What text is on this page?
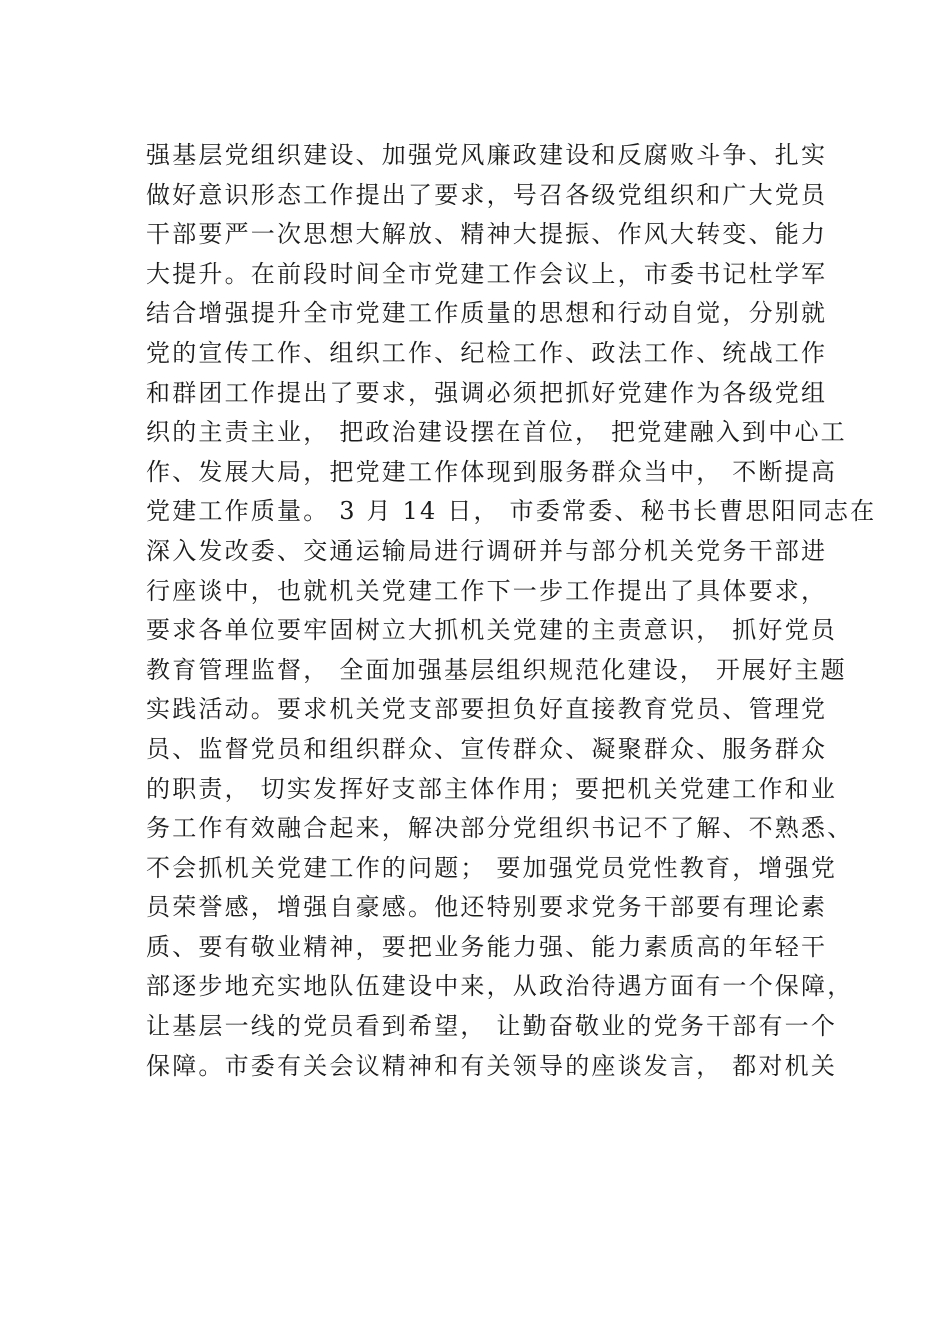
强基层党组织建设、加强党风廉政建设和反腐败斗争、扎实
做好意识形态工作提出了要求，号召各级党组织和广大党员
干部要严一次思想大解放、精神大提振、作风大转变、能力
大提升。在前段时间全市党建工作会议上，市委书记杜学军
结合增强提升全市党建工作质量的思想和行动自觉，分别就
党的宣传工作、组织工作、纪检工作、政法工作、统战工作
和群团工作提出了要求，强调必须把抓好党建作为各级党组
织的主责主业， 把政治建设摆在首位， 把党建融入到中心工
作、发展大局，把党建工作体现到服务群众当中， 不断提高
党建工作质量。 3 月 14 日， 市委常委、秘书长曹思阳同志在
深入发改委、交通运输局进行调研并与部分机关党务干部进
行座谈中，也就机关党建工作下一步工作提出了具体要求，
要求各单位要牢固树立大抓机关党建的主责意识， 抓好党员
教育管理监督， 全面加强基层组织规范化建设， 开展好主题
实践活动。要求机关党支部要担负好直接教育党员、管理党
员、监督党员和组织群众、宣传群众、凝聚群众、服务群众
的职责， 切实发挥好支部主体作用；要把机关党建工作和业
务工作有效融合起来，解决部分党组织书记不了解、不熟悉、
不会抓机关党建工作的问题； 要加强党员党性教育，增强党
员荣誉感，增强自豪感。他还特别要求党务干部要有理论素
质、要有敬业精神，要把业务能力强、能力素质高的年轻干
部逐步地充实地队伍建设中来，从政治待遇方面有一个保障，
让基层一线的党员看到希望， 让勤奋敬业的党务干部有一个
保障。市委有关会议精神和有关领导的座谈发言， 都对机关
